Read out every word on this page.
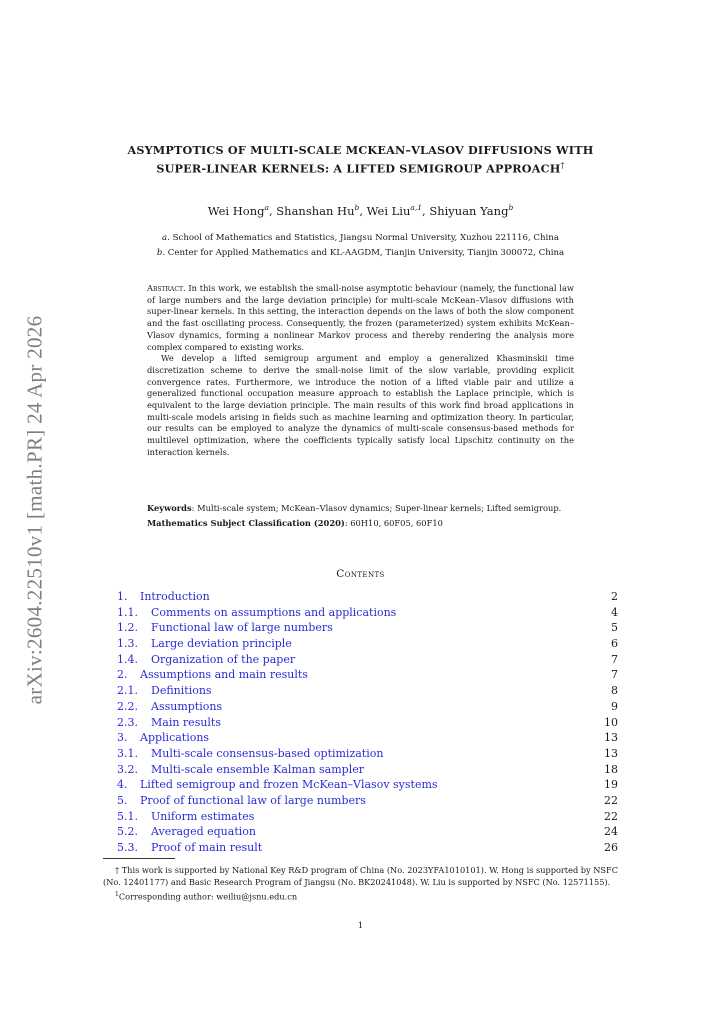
arXiv:2604.22510v1 [math.PR] 24 Apr 2026
ASYMPTOTICS OF MULTI-SCALE MCKEAN–VLASOV DIFFUSIONS WITH
SUPER-LINEAR KERNELS: A LIFTED SEMIGROUP APPROACH†
Wei Hong$^a$, Shanshan Hu$^b$, Wei Liu$^{a,1}$, Shiyuan Yang$^b$
a. School of Mathematics and Statistics, Jiangsu Normal University, Xuzhou 221116, China
b. Center for Applied Mathematics and KL-AAGDM, Tianjin University, Tianjin 300072, China

Abstract. In this work, we establish the small-noise asymptotic behaviour (namely, the functional law of large numbers and the large deviation principle) for multi-scale McKean–Vlasov diffusions with super-linear kernels. In this setting, the interaction depends on the laws of both the slow component and the fast oscillating process. Consequently, the frozen (parameterized) system exhibits McKean–Vlasov dynamics, forming a nonlinear Markov process and thereby rendering the analysis more complex compared to existing works.

We develop a lifted semigroup argument and employ a generalized Khasminskii time discretization scheme to derive the small-noise limit of the slow variable, providing explicit convergence rates. Furthermore, we introduce the notion of a lifted viable pair and utilize a generalized functional occupation measure approach to establish the Laplace principle, which is equivalent to the large deviation principle. The main results of this work find broad applications in multi-scale models arising in fields such as machine learning and optimization theory. In particular, our results can be employed to analyze the dynamics of multi-scale consensus-based methods for multilevel optimization, where the coefficients typically satisfy local Lipschitz continuity on the interaction kernels.

Keywords: Multi-scale system; McKean–Vlasov dynamics; Super-linear kernels; Lifted semigroup.
Mathematics Subject Classification (2020): 60H10, 60F05, 60F10
Contents
1. Introduction	2
1.1. Comments on assumptions and applications	4
1.2. Functional law of large numbers	5
1.3. Large deviation principle	6
1.4. Organization of the paper	7
2. Assumptions and main results	7
2.1. Definitions	8
2.2. Assumptions	9
2.3. Main results	10
3. Applications	13
3.1. Multi-scale consensus-based optimization	13
3.2. Multi-scale ensemble Kalman sampler	18
4. Lifted semigroup and frozen McKean–Vlasov systems	19
5. Proof of functional law of large numbers	22
5.1. Uniform estimates	22
5.2. Averaged equation	24
5.3. Proof of main result	26
† This work is supported by National Key R&D program of China (No. 2023YFA1010101). W. Hong is supported by NSFC (No. 12401177) and Basic Research Program of Jiangsu (No. BK20241048). W. Liu is supported by NSFC (No. 12571155).
$^1$Corresponding author: weiliu@jsnu.edu.cn
1
